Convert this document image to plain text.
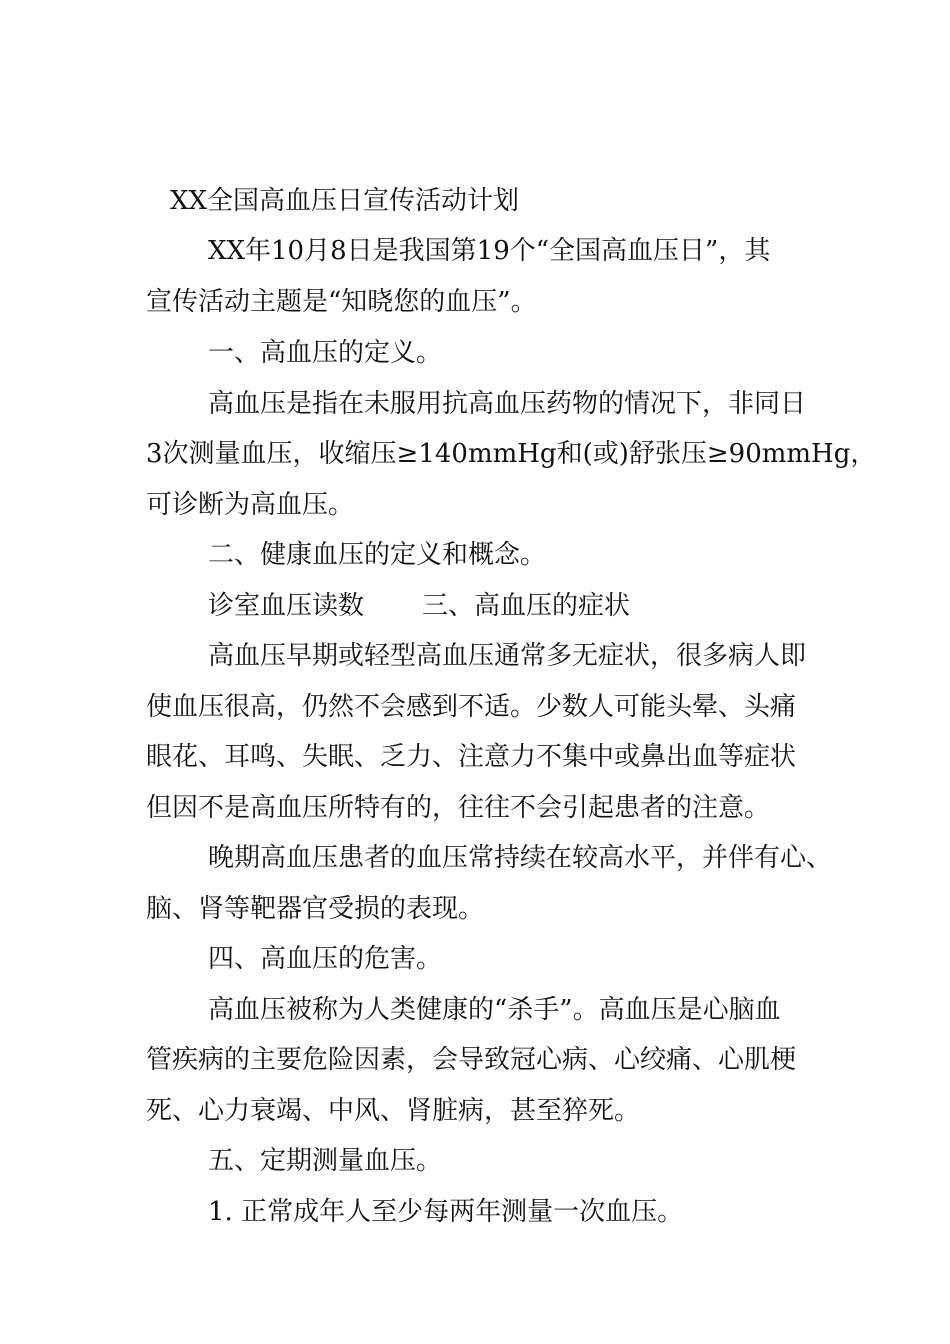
XX全国高血压日宣传活动计划
XX年10月8日是我国第19个“全国高血压日”，其
宣传活动主题是“知晓您的血压”。
一、高血压的定义。
高血压是指在未服用抗高血压药物的情况下，非同日
3次测量血压，收缩压≥140mmHg和(或)舒张压≥90mmHg，
可诊断为高血压。
二、健康血压的定义和概念。
诊室血压读数 三、高血压的症状
高血压早期或轻型高血压通常多无症状，很多病人即
使血压很高，仍然不会感到不适。少数人可能头晕、头痛
眼花、耳鸣、失眠、乏力、注意力不集中或鼻出血等症状
但因不是高血压所特有的，往往不会引起患者的注意。
晚期高血压患者的血压常持续在较高水平，并伴有心、
脑、肾等靶器官受损的表现。
四、高血压的危害。
高血压被称为人类健康的“杀手”。高血压是心脑血
管疾病的主要危险因素，会导致冠心病、心绞痛、心肌梗
死、心力衰竭、中风、肾脏病，甚至猝死。
五、定期测量血压。
1. 正常成年人至少每两年测量一次血压。
